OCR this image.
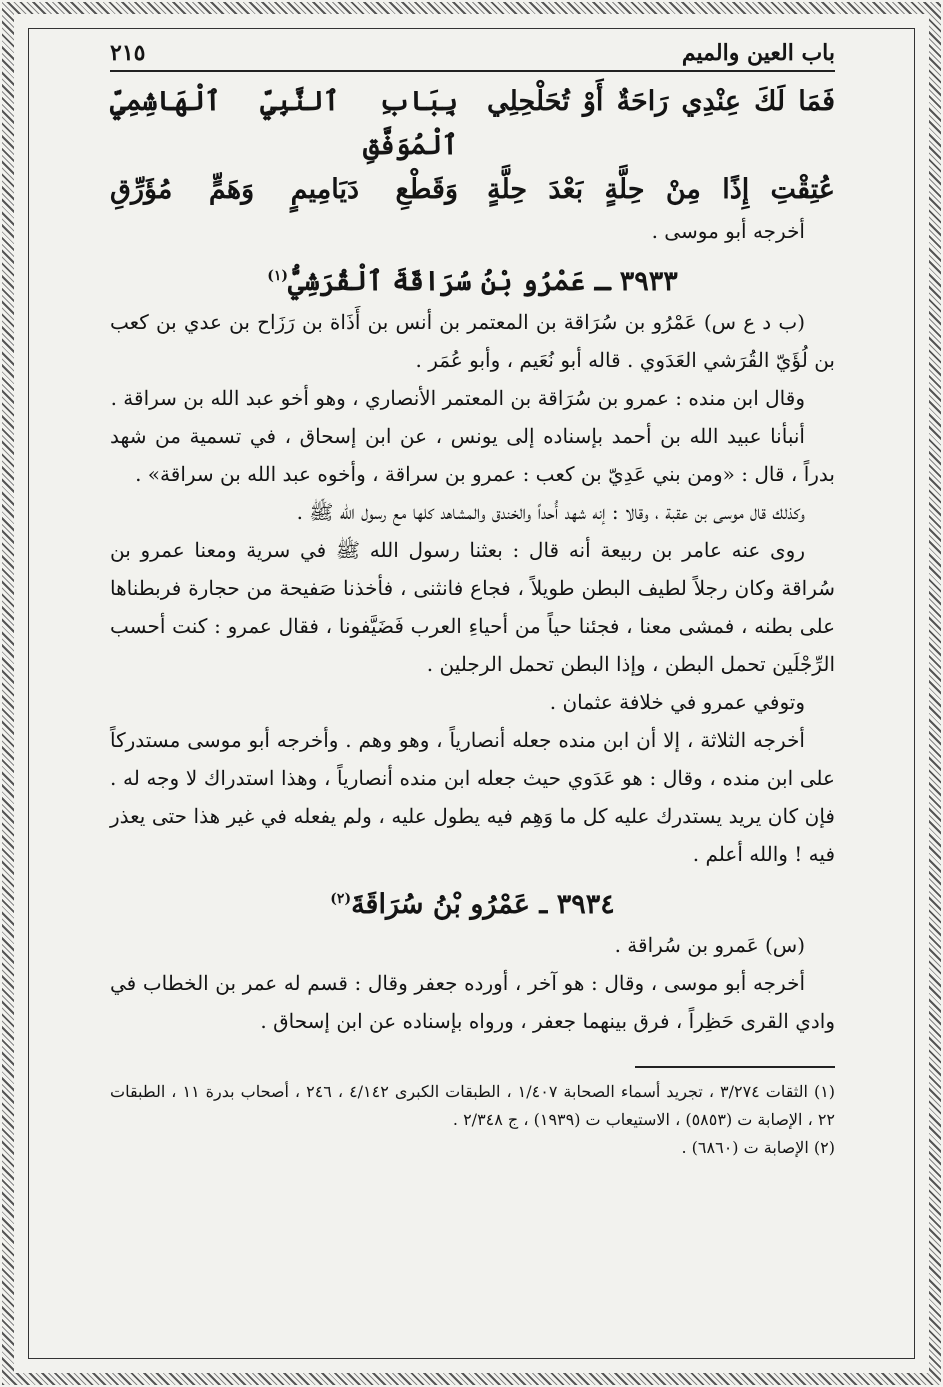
باب العين والميم
٢١٥
فَمَا لَكَ عِنْدِي رَاحَةٌ أَوْ تُحَلْحِلِي
بِبَابِ ٱلنَّبِيِّ ٱلْهَاشِمِيِّ ٱلْمُوَفَّقِ
عُتِقْتِ إِذًا مِنْ حِلَّةٍ بَعْدَ حِلَّةٍ
وَقَطْعِ دَيَامِيمٍ وَهَمٍّ مُؤَرِّقِ

أخرجه أبو موسى .

٣٩٣٣ ـ عَمْرُو بْنُ سُرَاقَةَ ٱلْقُرَشِيُّ$^{(١)}$

(ب د ع س) عَمْرُو بن سُرَاقة بن المعتمر بن أنس بن أَذَاة بن رَزَاح بن عدي بن كعب بن لُؤَيّ القُرَشي العَدَوي . قاله أبو نُعَيم ، وأبو عُمَر .

وقال ابن منده : عمرو بن سُرَاقة بن المعتمر الأنصاري ، وهو أخو عبد الله بن سراقة .

أنبأنا عبيد الله بن أحمد بإسناده إلى يونس ، عن ابن إسحاق ، في تسمية من شهد بدراً ، قال : «ومن بني عَدِيّ بن كعب : عمرو بن سراقة ، وأخوه عبد الله بن سراقة» .

وكذلك قال موسى بن عقبة ، وقالا : إنه شهد أُحداً والخندق والمشاهد كلها مع رسول الله ﷺ .

روى عنه عامر بن ربيعة أنه قال : بعثنا رسول الله ﷺ في سرية ومعنا عمرو بن سُراقة وكان رجلاً لطيف البطن طويلاً ، فجاع فانثنى ، فأخذنا صَفيحة من حجارة فربطناها على بطنه ، فمشى معنا ، فجئنا حياً من أحياءِ العرب فَضَيَّفونا ، فقال عمرو : كنت أحسب الرِّجْلَين تحمل البطن ، وإذا البطن تحمل الرجلين .

وتوفي عمرو في خلافة عثمان .

أخرجه الثلاثة ، إلا أن ابن منده جعله أنصارياً ، وهو وهم . وأخرجه أبو موسى مستدركاً على ابن منده ، وقال : هو عَدَوي حيث جعله ابن منده أنصارياً ، وهذا استدراك لا وجه له . فإن كان يريد يستدرك عليه كل ما وَهِم فيه يطول عليه ، ولم يفعله في غير هذا حتى يعذر فيه ! والله أعلم .

٣٩٣٤ ـ عَمْرُو بْنُ سُرَاقَةَ$^{(٢)}$

(س) عَمرو بن سُراقة .

أخرجه أبو موسى ، وقال : هو آخر ، أورده جعفر وقال : قسم له عمر بن الخطاب في وادي القرى حَظِراً ، فرق بينهما جعفر ، ورواه بإسناده عن ابن إسحاق .

(١) الثقات ٣/٢٧٤ ، تجريد أسماء الصحابة ١/٤٠٧ ، الطبقات الكبرى ٤/١٤٢ ، ٢٤٦ ، أصحاب بدرة ١١ ، الطبقات ٢٢ ، الإصابة ت (٥٨٥٣) ، الاستيعاب ت (١٩٣٩) ، ج ٢/٣٤٨ .

(٢) الإصابة ت (٦٨٦٠) .
